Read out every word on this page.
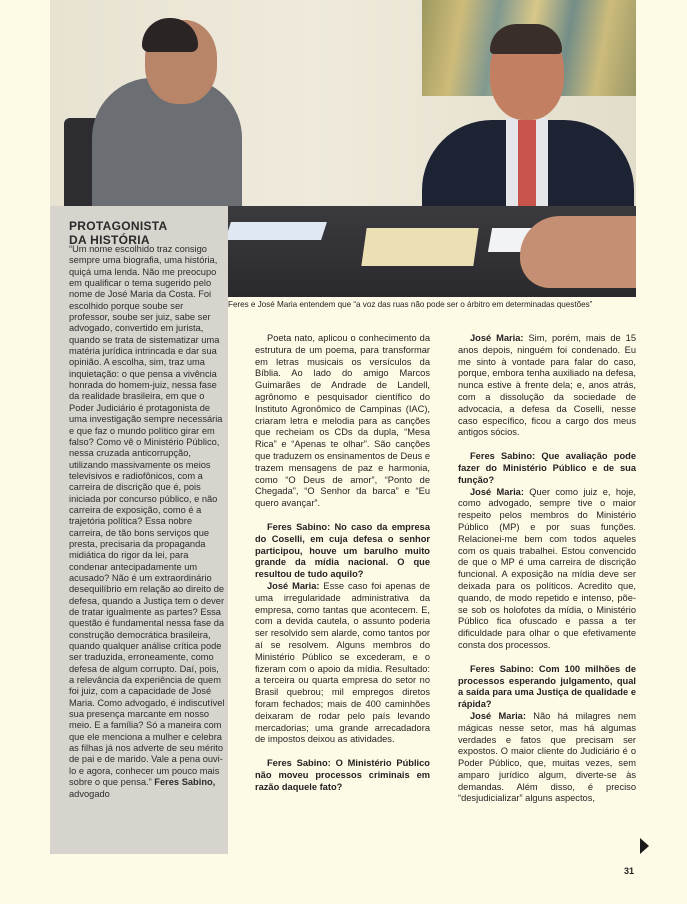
Feres e José Maria entendem que “a voz das ruas não pode ser o árbitro em determinadas questões”
PROTAGONISTA
DA HISTÓRIA
“Um nome escolhido traz consigo sempre uma biografia, uma história, quiçá uma lenda. Não me preocupo em qualificar o tema sugerido pelo nome de José Maria da Costa. Foi escolhido porque soube ser professor, soube ser juiz, sabe ser advogado, convertido em jurista, quando se trata de sistematizar uma matéria jurídica intrincada e dar sua opinião. A escolha, sim, traz uma inquietação: o que pensa a vivência honrada do homem-juiz, nessa fase da realidade brasileira, em que o Poder Judiciário é protagonista de uma investigação sempre necessária e que faz o mundo político girar em falso? Como vê o Ministério Público, nessa cruzada anticorrupção, utilizando massivamente os meios televisivos e radiofônicos, com a carreira de discrição que é, pois iniciada por concurso público, e não carreira de exposição, como é a trajetória política? Essa nobre carreira, de tão bons serviços que presta, precisaria da propaganda midiática do rigor da lei, para condenar antecipadamente um acusado? Não é um extraordinário desequilíbrio em relação ao direito de defesa, quando a Justiça tem o dever de tratar igualmente as partes? Essa questão é fundamental nessa fase da construção democrática brasileira, quando qualquer análise crítica pode ser traduzida, erroneamente, como defesa de algum corrupto. Daí, pois, a relevância da experiência de quem foi juiz, com a capacidade de José Maria. Como advogado, é indiscutível sua presença marcante em nosso meio. E a família? Só a maneira com que ele menciona a mulher e celebra as filhas já nos adverte de seu mérito de pai e de marido. Vale a pena ouvi-lo e agora, conhecer um pouco mais sobre o que pensa.” Feres Sabino, advogado

Poeta nato, aplicou o conhecimento da estrutura de um poema, para transformar em letras musicais os versículos da Bíblia. Ao lado do amigo Marcos Guimarães de Andrade de Landell, agrônomo e pesquisador científico do Instituto Agronômico de Campinas (IAC), criaram letra e melodia para as canções que recheiam os CDs da dupla, “Mesa Rica” e “Apenas te olhar”. São canções que traduzem os ensinamentos de Deus e trazem mensagens de paz e harmonia, como “O Deus de amor”, “Ponto de Chegada”, “O Senhor da barca” e “Eu quero avançar”.

Feres Sabino: No caso da empresa do Coselli, em cuja defesa o senhor participou, houve um barulho muito grande da mídia nacional. O que resultou de tudo aquilo?

José Maria: Esse caso foi apenas de uma irregularidade administrativa da empresa, como tantas que acontecem. E, com a devida cautela, o assunto poderia ser resolvido sem alarde, como tantos por aí se resolvem. Alguns membros do Ministério Público se excederam, e o fizeram com o apoio da mídia. Resultado: a terceira ou quarta empresa do setor no Brasil quebrou; mil empregos diretos foram fechados; mais de 400 caminhões deixaram de rodar pelo país levando mercadorias; uma grande arrecadadora de impostos deixou as atividades.

Feres Sabino: O Ministério Público não moveu processos criminais em razão daquele fato?

José Maria: Sim, porém, mais de 15 anos depois, ninguém foi condenado. Eu me sinto à vontade para falar do caso, porque, embora tenha auxiliado na defesa, nunca estive à frente dela; e, anos atrás, com a dissolução da sociedade de advocacia, a defesa da Coselli, nesse caso específico, ficou a cargo dos meus antigos sócios.

Feres Sabino: Que avaliação pode fazer do Ministério Público e de sua função?

José Maria: Quer como juiz e, hoje, como advogado, sempre tive o maior respeito pelos membros do Ministério Público (MP) e por suas funções. Relacionei-me bem com todos aqueles com os quais trabalhei. Estou convencido de que o MP é uma carreira de discrição funcional. A exposição na mídia deve ser deixada para os políticos. Acredito que, quando, de modo repetido e intenso, põe-se sob os holofotes da mídia, o Ministério Público fica ofuscado e passa a ter dificuldade para olhar o que efetivamente consta dos processos.

Feres Sabino: Com 100 milhões de processos esperando julgamento, qual a saída para uma Justiça de qualidade e rápida?

José Maria: Não há milagres nem mágicas nesse setor, mas há algumas verdades e fatos que precisam ser expostos. O maior cliente do Judiciário é o Poder Público, que, muitas vezes, sem amparo jurídico algum, diverte-se às demandas. Além disso, é preciso “desjudicializar” alguns aspectos,

31
